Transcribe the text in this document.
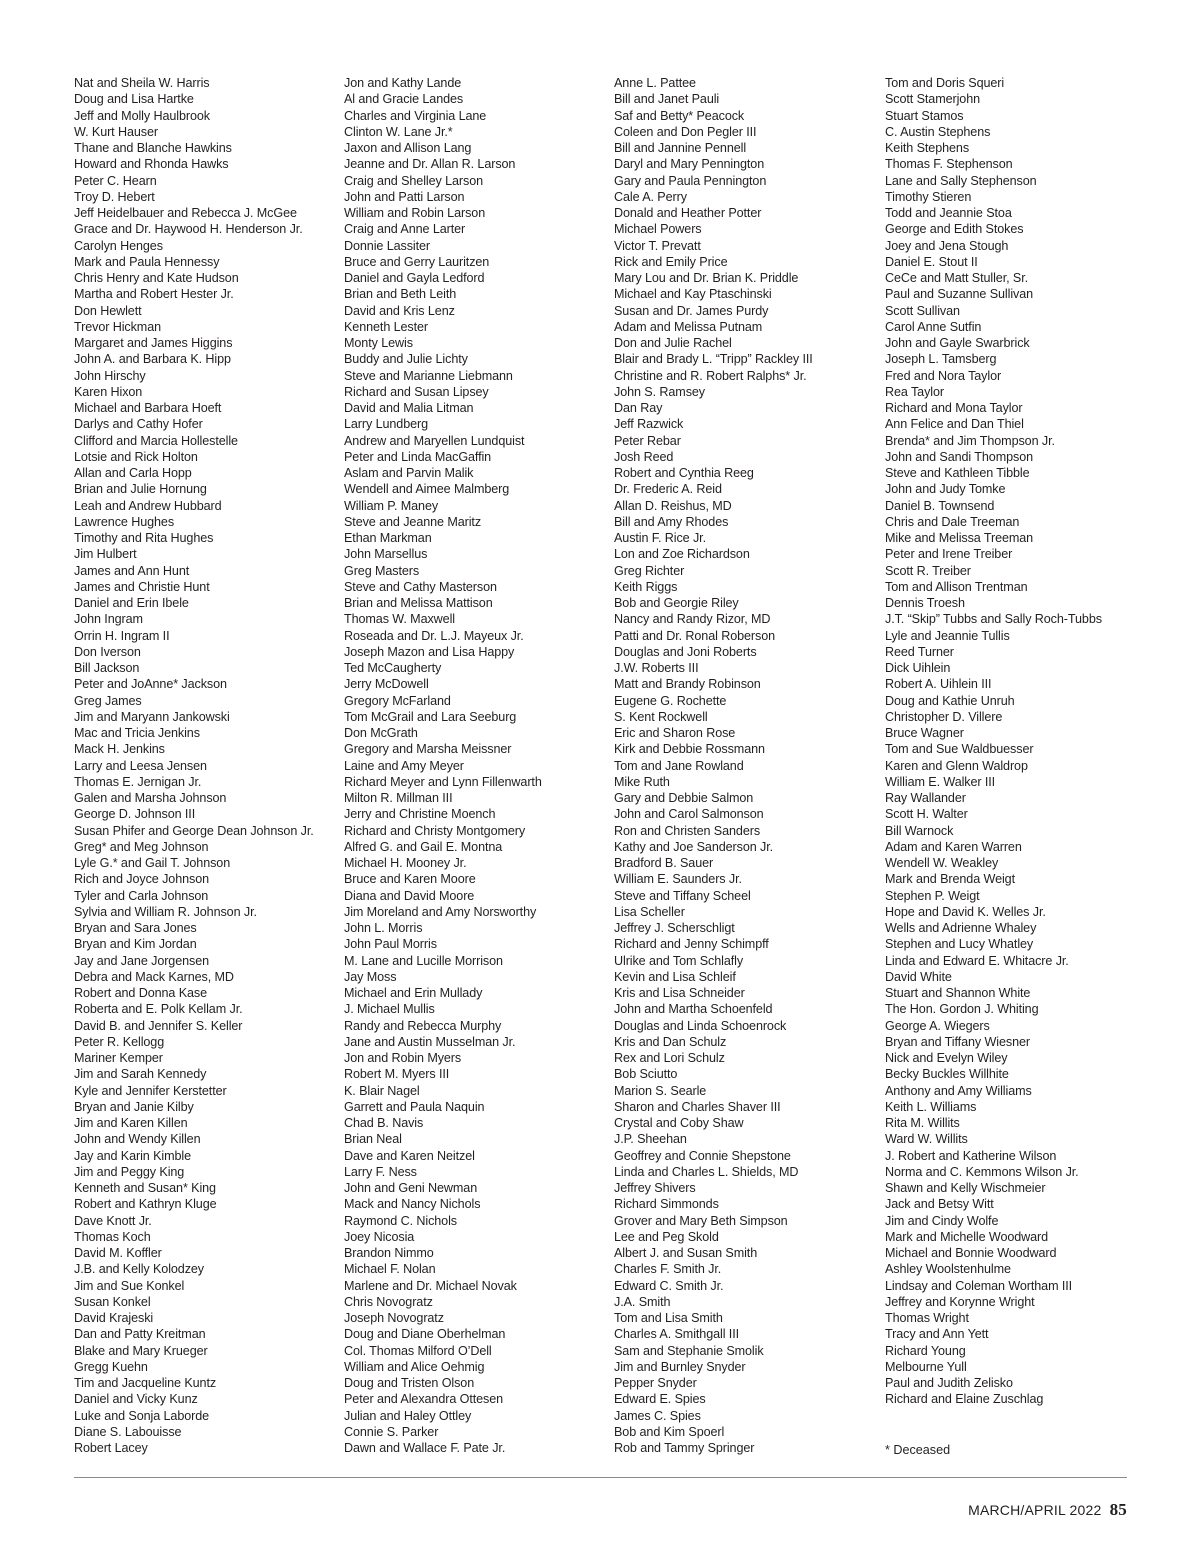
Nat and Sheila W. Harris
Doug and Lisa Hartke
Jeff and Molly Haulbrook
W. Kurt Hauser
Thane and Blanche Hawkins
Howard and Rhonda Hawks
Peter C. Hearn
Troy D. Hebert
Jeff Heidelbauer and Rebecca J. McGee
Grace and Dr. Haywood H. Henderson Jr.
Carolyn Henges
Mark and Paula Hennessy
Chris Henry and Kate Hudson
Martha and Robert Hester Jr.
Don Hewlett
Trevor Hickman
Margaret and James Higgins
John A. and Barbara K. Hipp
John Hirschy
Karen Hixon
Michael and Barbara Hoeft
Darlys and Cathy Hofer
Clifford and Marcia Hollestelle
Lotsie and Rick Holton
Allan and Carla Hopp
Brian and Julie Hornung
Leah and Andrew Hubbard
Lawrence Hughes
Timothy and Rita Hughes
Jim Hulbert
James and Ann Hunt
James and Christie Hunt
Daniel and Erin Ibele
John Ingram
Orrin H. Ingram II
Don Iverson
Bill Jackson
Peter and JoAnne* Jackson
Greg James
Jim and Maryann Jankowski
Mac and Tricia Jenkins
Mack H. Jenkins
Larry and Leesa Jensen
Thomas E. Jernigan Jr.
Galen and Marsha Johnson
George D. Johnson III
Susan Phifer and George Dean Johnson Jr.
Greg* and Meg Johnson
Lyle G.* and Gail T. Johnson
Rich and Joyce Johnson
Tyler and Carla Johnson
Sylvia and William R. Johnson Jr.
Bryan and Sara Jones
Bryan and Kim Jordan
Jay and Jane Jorgensen
Debra and Mack Karnes, MD
Robert and Donna Kase
Roberta and E. Polk Kellam Jr.
David B. and Jennifer S. Keller
Peter R. Kellogg
Mariner Kemper
Jim and Sarah Kennedy
Kyle and Jennifer Kerstetter
Bryan and Janie Kilby
Jim and Karen Killen
John and Wendy Killen
Jay and Karin Kimble
Jim and Peggy King
Kenneth and Susan* King
Robert and Kathryn Kluge
Dave Knott Jr.
Thomas Koch
David M. Koffler
J.B. and Kelly Kolodzey
Jim and Sue Konkel
Susan Konkel
David Krajeski
Dan and Patty Kreitman
Blake and Mary Krueger
Gregg Kuehn
Tim and Jacqueline Kuntz
Daniel and Vicky Kunz
Luke and Sonja Laborde
Diane S. Labouisse
Robert Lacey
Jon and Kathy Lande
Al and Gracie Landes
Charles and Virginia Lane
Clinton W. Lane Jr.*
Jaxon and Allison Lang
Jeanne and Dr. Allan R. Larson
Craig and Shelley Larson
John and Patti Larson
William and Robin Larson
Craig and Anne Larter
Donnie Lassiter
Bruce and Gerry Lauritzen
Daniel and Gayla Ledford
Brian and Beth Leith
David and Kris Lenz
Kenneth Lester
Monty Lewis
Buddy and Julie Lichty
Steve and Marianne Liebmann
Richard and Susan Lipsey
David and Malia Litman
Larry Lundberg
Andrew and Maryellen Lundquist
Peter and Linda MacGaffin
Aslam and Parvin Malik
Wendell and Aimee Malmberg
William P. Maney
Steve and Jeanne Maritz
Ethan Markman
John Marsellus
Greg Masters
Steve and Cathy Masterson
Brian and Melissa Mattison
Thomas W. Maxwell
Roseada and Dr. L.J. Mayeux Jr.
Joseph Mazon and Lisa Happy
Ted McCaugherty
Jerry McDowell
Gregory McFarland
Tom McGrail and Lara Seeburg
Don McGrath
Gregory and Marsha Meissner
Laine and Amy Meyer
Richard Meyer and Lynn Fillenwarth
Milton R. Millman III
Jerry and Christine Moench
Richard and Christy Montgomery
Alfred G. and Gail E. Montna
Michael H. Mooney Jr.
Bruce and Karen Moore
Diana and David Moore
Jim Moreland and Amy Norsworthy
John L. Morris
John Paul Morris
M. Lane and Lucille Morrison
Jay Moss
Michael and Erin Mullady
J. Michael Mullis
Randy and Rebecca Murphy
Jane and Austin Musselman Jr.
Jon and Robin Myers
Robert M. Myers III
K. Blair Nagel
Garrett and Paula Naquin
Chad B. Navis
Brian Neal
Dave and Karen Neitzel
Larry F. Ness
John and Geni Newman
Mack and Nancy Nichols
Raymond C. Nichols
Joey Nicosia
Brandon Nimmo
Michael F. Nolan
Marlene and Dr. Michael Novak
Chris Novogratz
Joseph Novogratz
Doug and Diane Oberhelman
Col. Thomas Milford O’Dell
William and Alice Oehmig
Doug and Tristen Olson
Peter and Alexandra Ottesen
Julian and Haley Ottley
Connie S. Parker
Dawn and Wallace F. Pate Jr.
Anne L. Pattee
Bill and Janet Pauli
Saf and Betty* Peacock
Coleen and Don Pegler III
Bill and Jannine Pennell
Daryl and Mary Pennington
Gary and Paula Pennington
Cale A. Perry
Donald and Heather Potter
Michael Powers
Victor T. Prevatt
Rick and Emily Price
Mary Lou and Dr. Brian K. Priddle
Michael and Kay Ptaschinski
Susan and Dr. James Purdy
Adam and Melissa Putnam
Don and Julie Rachel
Blair and Brady L. “Tripp” Rackley III
Christine and R. Robert Ralphs* Jr.
John S. Ramsey
Dan Ray
Jeff Razwick
Peter Rebar
Josh Reed
Robert and Cynthia Reeg
Dr. Frederic A. Reid
Allan D. Reishus, MD
Bill and Amy Rhodes
Austin F. Rice Jr.
Lon and Zoe Richardson
Greg Richter
Keith Riggs
Bob and Georgie Riley
Nancy and Randy Rizor, MD
Patti and Dr. Ronal Roberson
Douglas and Joni Roberts
J.W. Roberts III
Matt and Brandy Robinson
Eugene G. Rochette
S. Kent Rockwell
Eric and Sharon Rose
Kirk and Debbie Rossmann
Tom and Jane Rowland
Mike Ruth
Gary and Debbie Salmon
John and Carol Salmonson
Ron and Christen Sanders
Kathy and Joe Sanderson Jr.
Bradford B. Sauer
William E. Saunders Jr.
Steve and Tiffany Scheel
Lisa Scheller
Jeffrey J. Scherschligt
Richard and Jenny Schimpff
Ulrike and Tom Schlafly
Kevin and Lisa Schleif
Kris and Lisa Schneider
John and Martha Schoenfeld
Douglas and Linda Schoenrock
Kris and Dan Schulz
Rex and Lori Schulz
Bob Sciutto
Marion S. Searle
Sharon and Charles Shaver III
Crystal and Coby Shaw
J.P. Sheehan
Geoffrey and Connie Shepstone
Linda and Charles L. Shields, MD
Jeffrey Shivers
Richard Simmonds
Grover and Mary Beth Simpson
Lee and Peg Skold
Albert J. and Susan Smith
Charles F. Smith Jr.
Edward C. Smith Jr.
J.A. Smith
Tom and Lisa Smith
Charles A. Smithgall III
Sam and Stephanie Smolik
Jim and Burnley Snyder
Pepper Snyder
Edward E. Spies
James C. Spies
Bob and Kim Spoerl
Rob and Tammy Springer
Tom and Doris Squeri
Scott Stamerjohn
Stuart Stamos
C. Austin Stephens
Keith Stephens
Thomas F. Stephenson
Lane and Sally Stephenson
Timothy Stieren
Todd and Jeannie Stoa
George and Edith Stokes
Joey and Jena Stough
Daniel E. Stout II
CeCe and Matt Stuller, Sr.
Paul and Suzanne Sullivan
Scott Sullivan
Carol Anne Sutfin
John and Gayle Swarbrick
Joseph L. Tamsberg
Fred and Nora Taylor
Rea Taylor
Richard and Mona Taylor
Ann Felice and Dan Thiel
Brenda* and Jim Thompson Jr.
John and Sandi Thompson
Steve and Kathleen Tibble
John and Judy Tomke
Daniel B. Townsend
Chris and Dale Treeman
Mike and Melissa Treeman
Peter and Irene Treiber
Scott R. Treiber
Tom and Allison Trentman
Dennis Troesh
J.T. “Skip” Tubbs and Sally Roch-Tubbs
Lyle and Jeannie Tullis
Reed Turner
Dick Uihlein
Robert A. Uihlein III
Doug and Kathie Unruh
Christopher D. Villere
Bruce Wagner
Tom and Sue Waldbuesser
Karen and Glenn Waldrop
William E. Walker III
Ray Wallander
Scott H. Walter
Bill Warnock
Adam and Karen Warren
Wendell W. Weakley
Mark and Brenda Weigt
Stephen P. Weigt
Hope and David K. Welles Jr.
Wells and Adrienne Whaley
Stephen and Lucy Whatley
Linda and Edward E. Whitacre Jr.
David White
Stuart and Shannon White
The Hon. Gordon J. Whiting
George A. Wiegers
Bryan and Tiffany Wiesner
Nick and Evelyn Wiley
Becky Buckles Willhite
Anthony and Amy Williams
Keith L. Williams
Rita M. Willits
Ward W. Willits
J. Robert and Katherine Wilson
Norma and C. Kemmons Wilson Jr.
Shawn and Kelly Wischmeier
Jack and Betsy Witt
Jim and Cindy Wolfe
Mark and Michelle Woodward
Michael and Bonnie Woodward
Ashley Woolstenhulme
Lindsay and Coleman Wortham III
Jeffrey and Korynne Wright
Thomas Wright
Tracy and Ann Yett
Richard Young
Melbourne Yull
Paul and Judith Zelisko
Richard and Elaine Zuschlag
* Deceased
MARCH/APRIL 2022 85
